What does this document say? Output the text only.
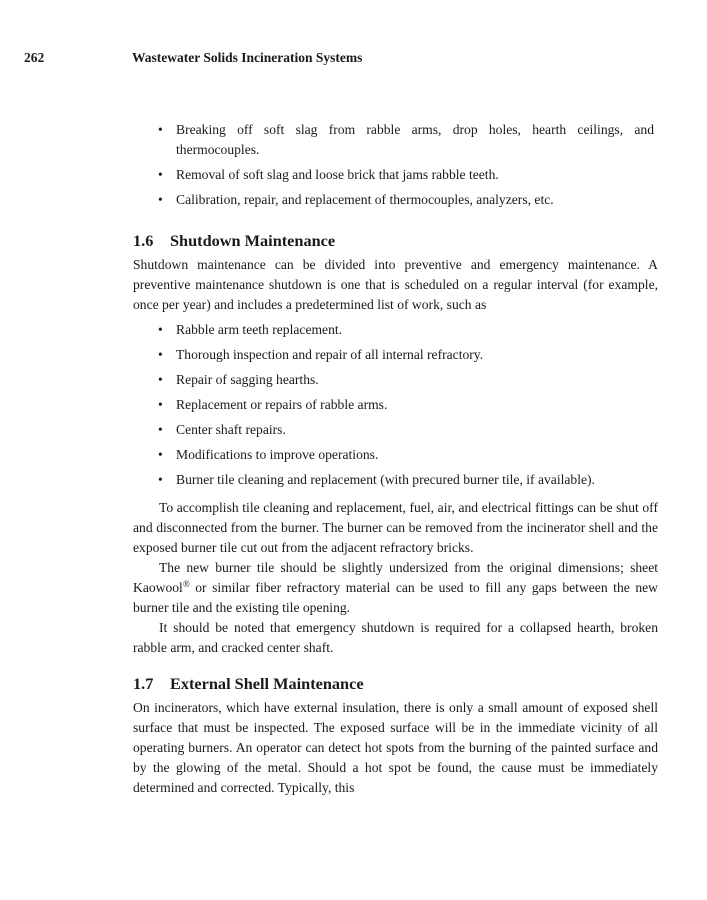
262	Wastewater Solids Incineration Systems
• Breaking off soft slag from rabble arms, drop holes, hearth ceilings, and thermocouples.
• Removal of soft slag and loose brick that jams rabble teeth.
• Calibration, repair, and replacement of thermocouples, analyzers, etc.
1.6 Shutdown Maintenance

Shutdown maintenance can be divided into preventive and emergency maintenance. A preventive maintenance shutdown is one that is scheduled on a regular interval (for example, once per year) and includes a predetermined list of work, such as

• Rabble arm teeth replacement.
• Thorough inspection and repair of all internal refractory.
• Repair of sagging hearths.
• Replacement or repairs of rabble arms.
• Center shaft repairs.
• Modifications to improve operations.
• Burner tile cleaning and replacement (with precured burner tile, if available).

To accomplish tile cleaning and replacement, fuel, air, and electrical fittings can be shut off and disconnected from the burner. The burner can be removed from the incinerator shell and the exposed burner tile cut out from the adjacent refractory bricks.

The new burner tile should be slightly undersized from the original dimensions; sheet Kaowool® or similar fiber refractory material can be used to fill any gaps between the new burner tile and the existing tile opening.

It should be noted that emergency shutdown is required for a collapsed hearth, broken rabble arm, and cracked center shaft.

1.7 External Shell Maintenance

On incinerators, which have external insulation, there is only a small amount of exposed shell surface that must be inspected. The exposed surface will be in the immediate vicinity of all operating burners. An operator can detect hot spots from the burning of the painted surface and by the glowing of the metal. Should a hot spot be found, the cause must be immediately determined and corrected. Typically, this
